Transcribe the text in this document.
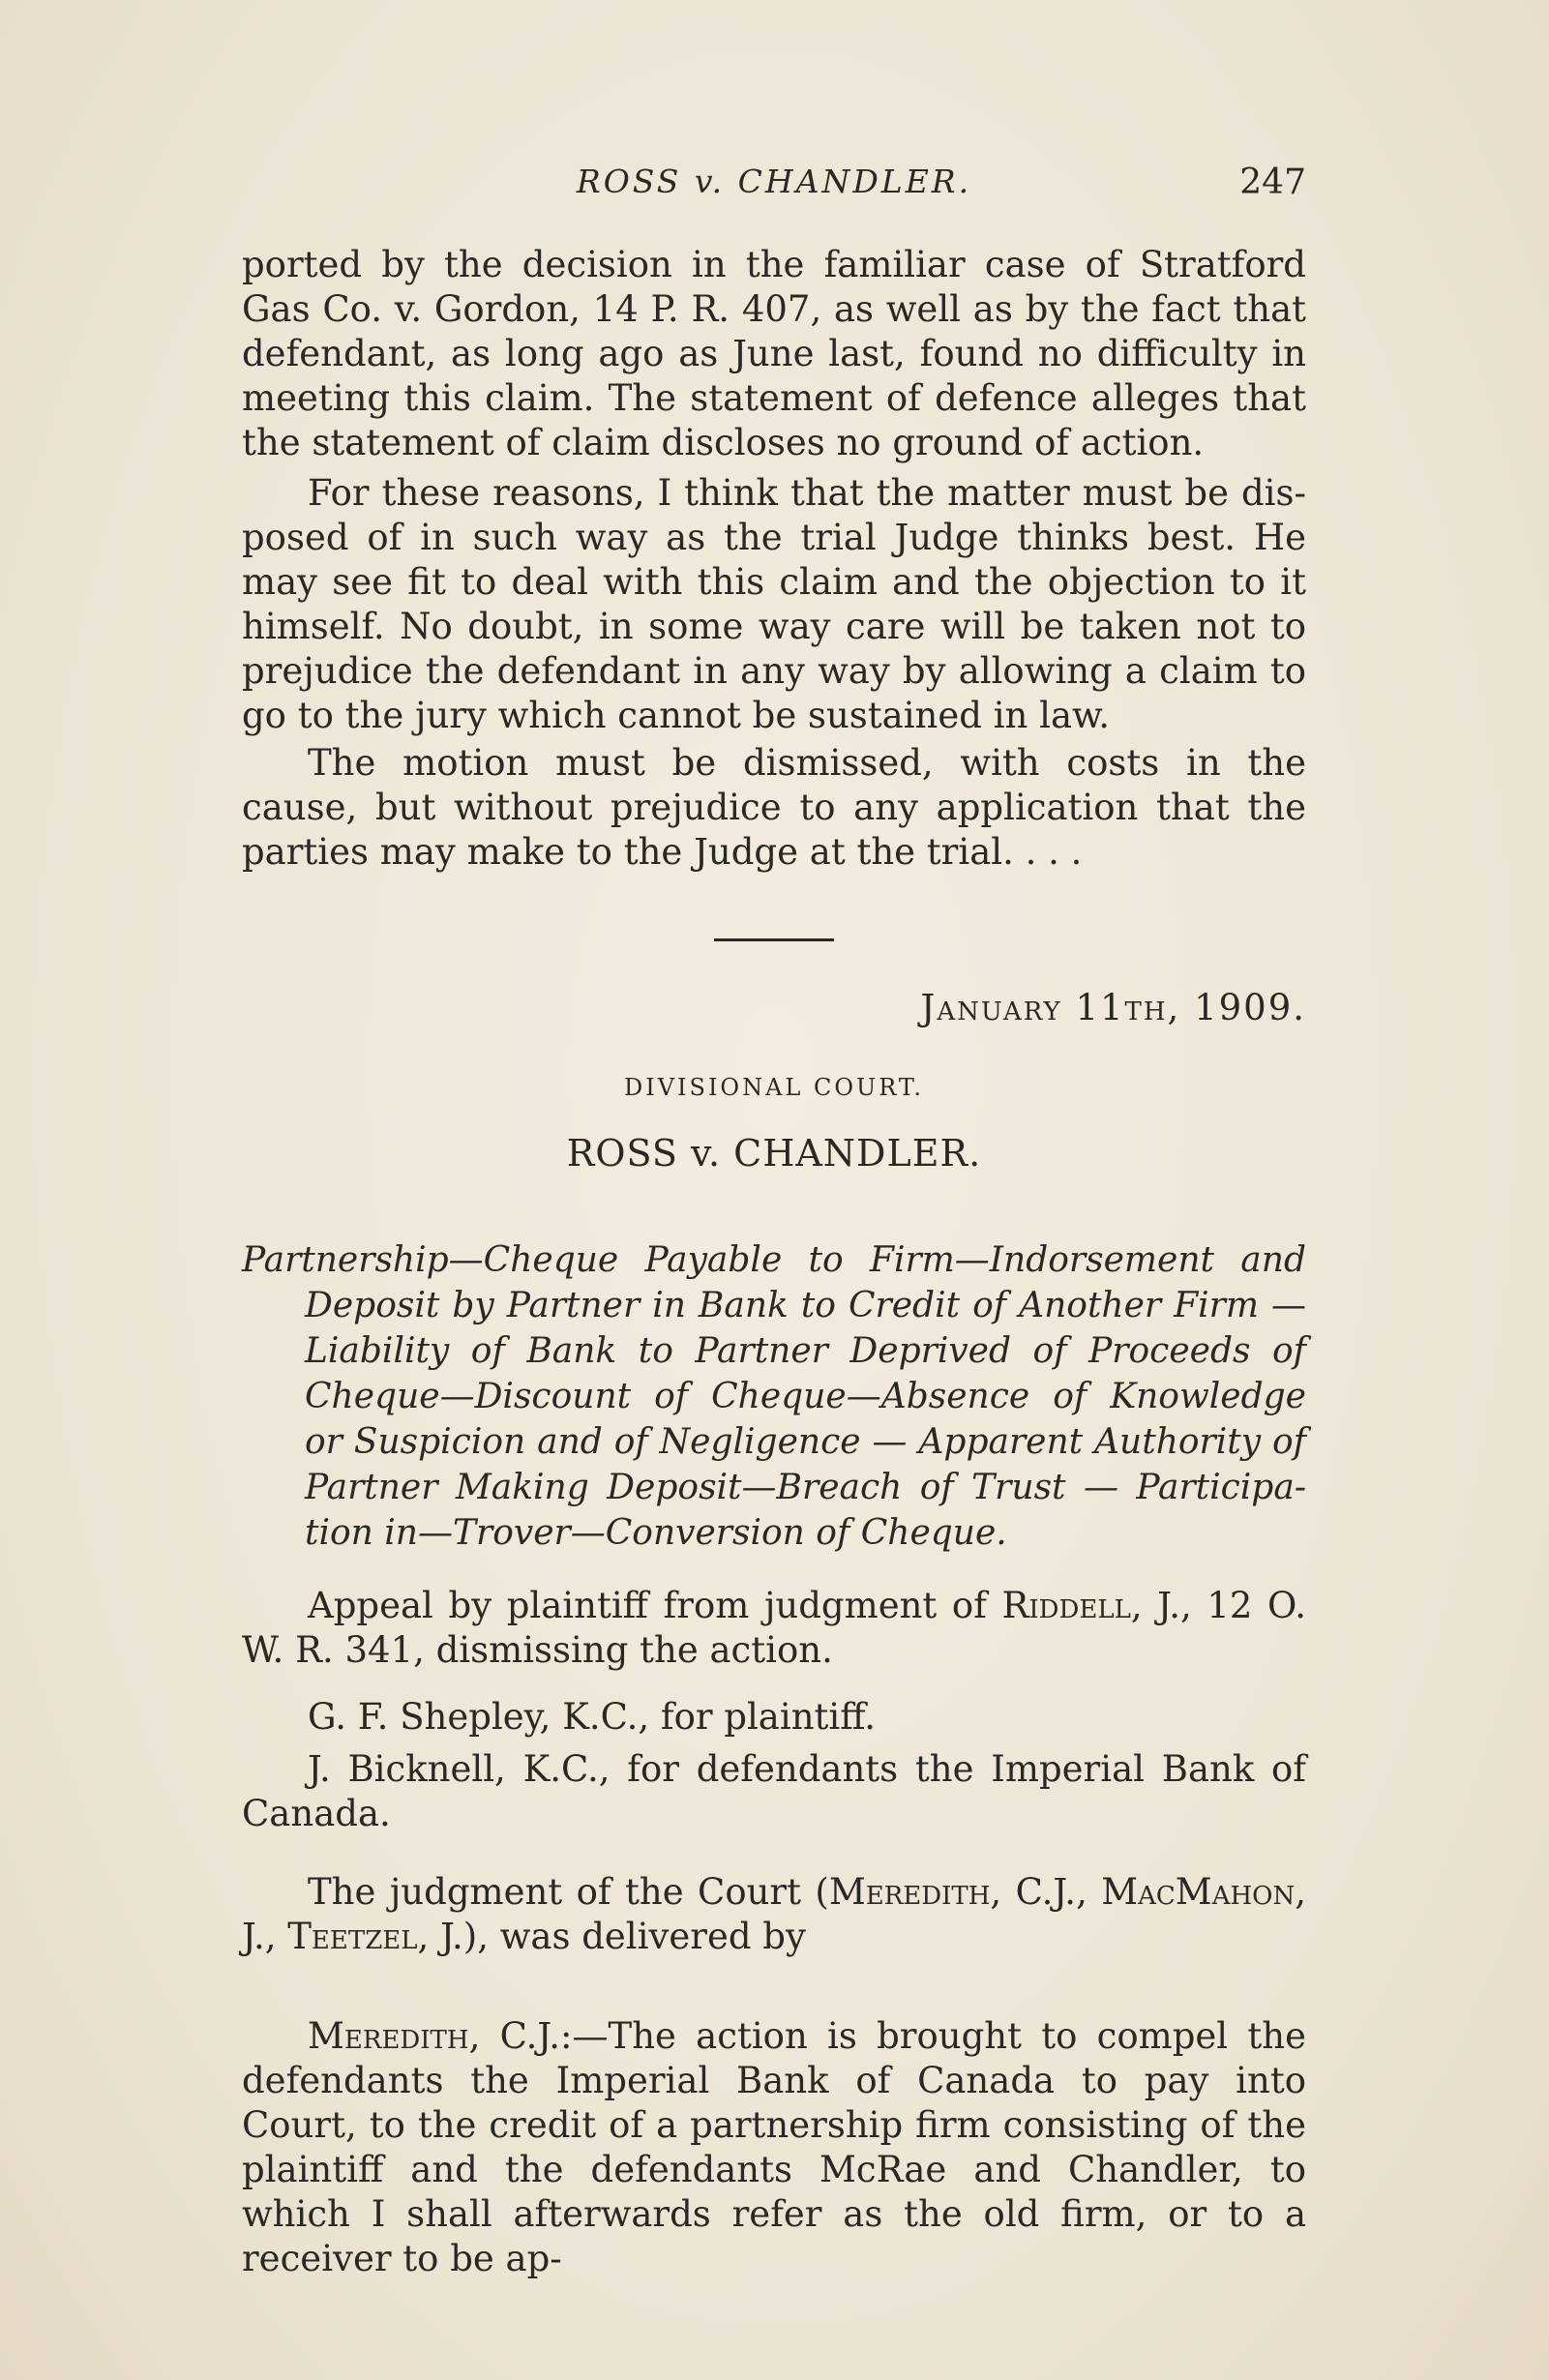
ROSS v. CHANDLER.	247

ported by the decision in the familiar case of Stratford Gas Co. v. Gordon, 14 P. R. 407, as well as by the fact that defendant, as long ago as June last, found no difficulty in meeting this claim. The statement of defence alleges that the statement of claim discloses no ground of action.

For these reasons, I think that the matter must be disposed of in such way as the trial Judge thinks best. He may see fit to deal with this claim and the objection to it himself. No doubt, in some way care will be taken not to prejudice the defendant in any way by allowing a claim to go to the jury which cannot be sustained in law.

The motion must be dismissed, with costs in the cause, but without prejudice to any application that the parties may make to the Judge at the trial. . . .

January 11th, 1909.
DIVISIONAL COURT.
ROSS v. CHANDLER.
Partnership—Cheque Payable to Firm—Indorsement and Deposit by Partner in Bank to Credit of Another Firm —Liability of Bank to Partner Deprived of Proceeds of Cheque—Discount of Cheque—Absence of Knowledge or Suspicion and of Negligence — Apparent Authority of Partner Making Deposit—Breach of Trust — Participation in—Trover—Conversion of Cheque.

Appeal by plaintiff from judgment of Riddell, J., 12 O. W. R. 341, dismissing the action.

G. F. Shepley, K.C., for plaintiff.

J. Bicknell, K.C., for defendants the Imperial Bank of Canada.

The judgment of the Court (Meredith, C.J., MacMahon, J., Teetzel, J.), was delivered by

Meredith, C.J.:—The action is brought to compel the defendants the Imperial Bank of Canada to pay into Court, to the credit of a partnership firm consisting of the plaintiff and the defendants McRae and Chandler, to which I shall afterwards refer as the old firm, or to a receiver to be ap-
